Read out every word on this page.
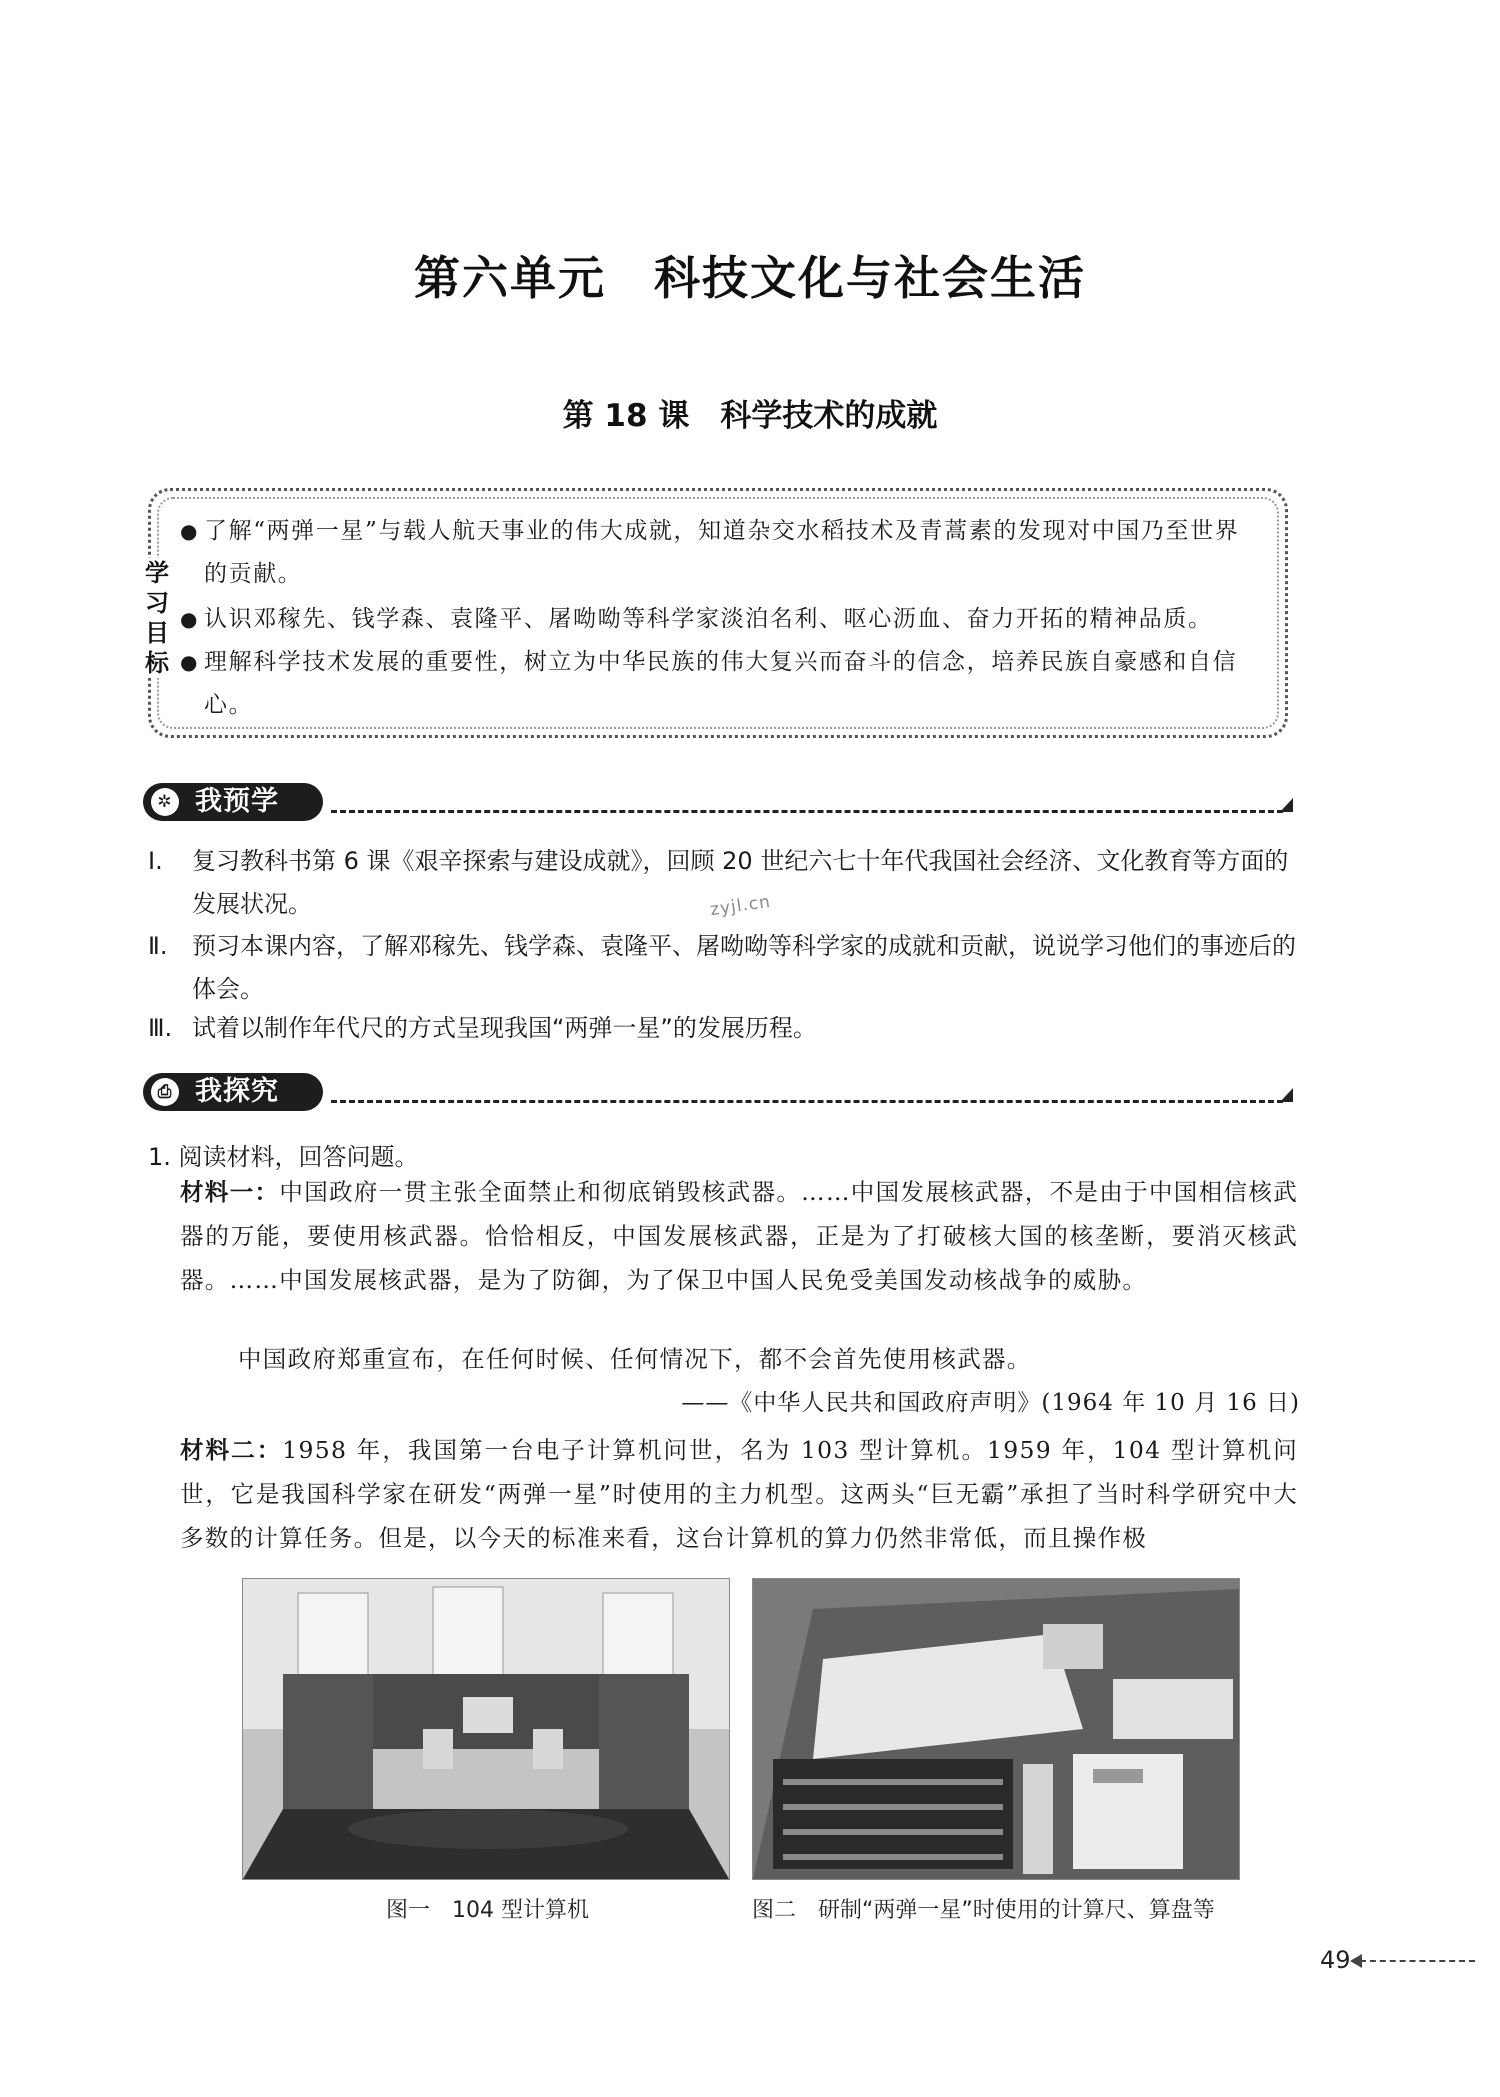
第六单元　科技文化与社会生活
第 18 课　科学技术的成就
学
习
目
标
● 了解“两弹一星”与载人航天事业的伟大成就，知道杂交水稻技术及青蒿素的发现对中国乃至世界的贡献。
● 认识邓稼先、钱学森、袁隆平、屠呦呦等科学家淡泊名利、呕心沥血、奋力开拓的精神品质。
● 理解科学技术发展的重要性，树立为中华民族的伟大复兴而奋斗的信念，培养民族自豪感和自信心。
✲ 我预学
Ⅰ.	复习教科书第 6 课《艰辛探索与建设成就》，回顾 20 世纪六七十年代我国社会经济、文化教育等方面的发展状况。
Ⅱ.	预习本课内容，了解邓稼先、钱学森、袁隆平、屠呦呦等科学家的成就和贡献，说说学习他们的事迹后的体会。
Ⅲ. 试着以制作年代尺的方式呈现我国“两弹一星”的发展历程。
zyjl.cn
⎙ 我探究
1. 阅读材料，回答问题。
材料一：中国政府一贯主张全面禁止和彻底销毁核武器。……中国发展核武器，不是由于中国相信核武器的万能，要使用核武器。恰恰相反，中国发展核武器，正是为了打破核大国的核垄断，要消灭核武器。……中国发展核武器，是为了防御，为了保卫中国人民免受美国发动核战争的威胁。
中国政府郑重宣布，在任何时候、任何情况下，都不会首先使用核武器。
——《中华人民共和国政府声明》(1964 年 10 月 16 日)
材料二：1958 年，我国第一台电子计算机问世，名为 103 型计算机。1959 年，104 型计算机问世，它是我国科学家在研发“两弹一星”时使用的主力机型。这两头“巨无霸”承担了当时科学研究中大多数的计算任务。但是，以今天的标准来看，这台计算机的算力仍然非常低，而且操作极
图一　104 型计算机	图二　研制“两弹一星”时使用的计算尺、算盘等
49
